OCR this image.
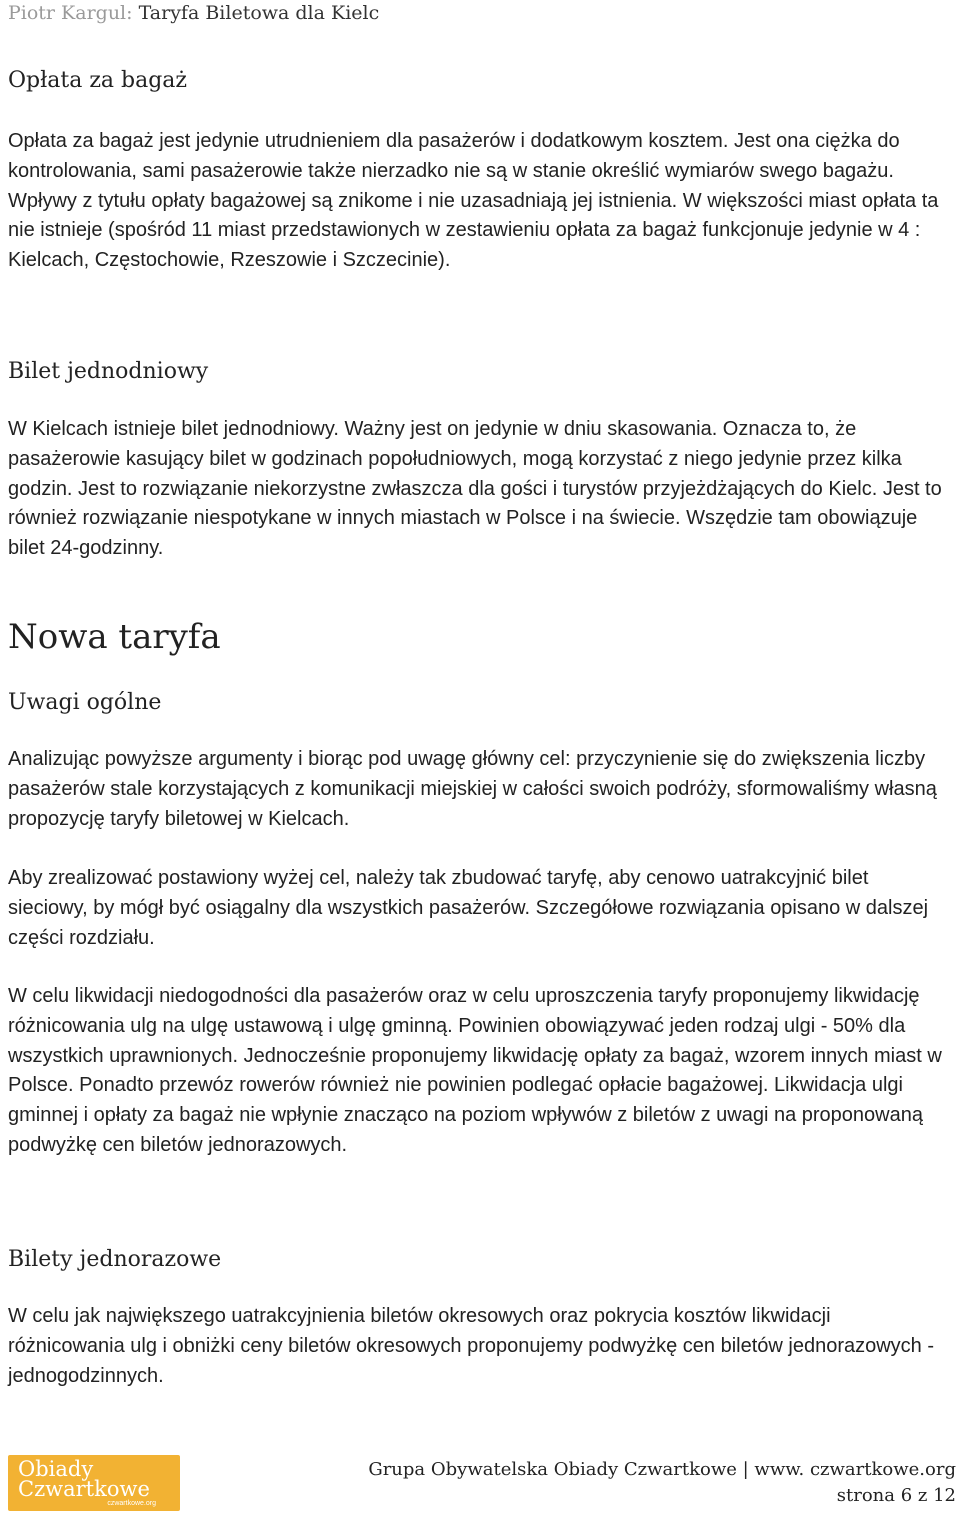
Piotr Kargul: Taryfa Biletowa dla Kielc
Opłata za bagaż

Opłata za bagaż jest jedynie utrudnieniem dla pasażerów i dodatkowym kosztem. Jest ona ciężka do kontrolowania, sami pasażerowie także nierzadko nie są w stanie określić wymiarów swego bagażu. Wpływy z tytułu opłaty bagażowej są znikome i nie uzasadniają jej istnienia. W większości miast opłata ta nie istnieje (spośród 11 miast przedstawionych w zestawieniu opłata za bagaż funkcjonuje jedynie w 4 : Kielcach, Częstochowie, Rzeszowie i Szczecinie).

Bilet jednodniowy

W Kielcach istnieje bilet jednodniowy. Ważny jest on jedynie w dniu skasowania. Oznacza to, że pasażerowie kasujący bilet w godzinach popołudniowych, mogą korzystać z niego jedynie przez kilka godzin. Jest to rozwiązanie niekorzystne zwłaszcza dla gości i turystów przyjeżdżających do Kielc. Jest to również rozwiązanie niespotykane w innych miastach w Polsce i na świecie. Wszędzie tam obowiązuje bilet 24-godzinny.

Nowa taryfa
Uwagi ogólne

Analizując powyższe argumenty i biorąc pod uwagę główny cel: przyczynienie się do zwiększenia liczby pasażerów stale korzystających z komunikacji miejskiej w całości swoich podróży, sformowaliśmy własną propozycję taryfy biletowej w Kielcach.

Aby zrealizować postawiony wyżej cel, należy tak zbudować taryfę, aby cenowo uatrakcyjnić bilet sieciowy, by mógł być osiągalny dla wszystkich pasażerów. Szczegółowe rozwiązania opisano w dalszej części rozdziału.

W celu likwidacji niedogodności dla pasażerów oraz w celu uproszczenia taryfy proponujemy likwidację różnicowania ulg na ulgę ustawową i ulgę gminną. Powinien obowiązywać jeden rodzaj ulgi - 50% dla wszystkich uprawnionych. Jednocześnie proponujemy likwidację opłaty za bagaż, wzorem innych miast w Polsce. Ponadto przewóz rowerów również nie powinien podlegać opłacie bagażowej. Likwidacja ulgi gminnej i opłaty za bagaż nie wpłynie znacząco na poziom wpływów z biletów z uwagi na proponowaną podwyżkę cen biletów jednorazowych.

Bilety jednorazowe

W celu jak największego uatrakcyjnienia biletów okresowych oraz pokrycia kosztów likwidacji różnicowania ulg i obniżki ceny biletów okresowych proponujemy podwyżkę cen biletów jednorazowych - jednogodzinnych.

Obiady
Czwartkowe
czwartkowe.org
Grupa Obywatelska Obiady Czwartkowe | www. czwartkowe.org
strona 6 z 12
